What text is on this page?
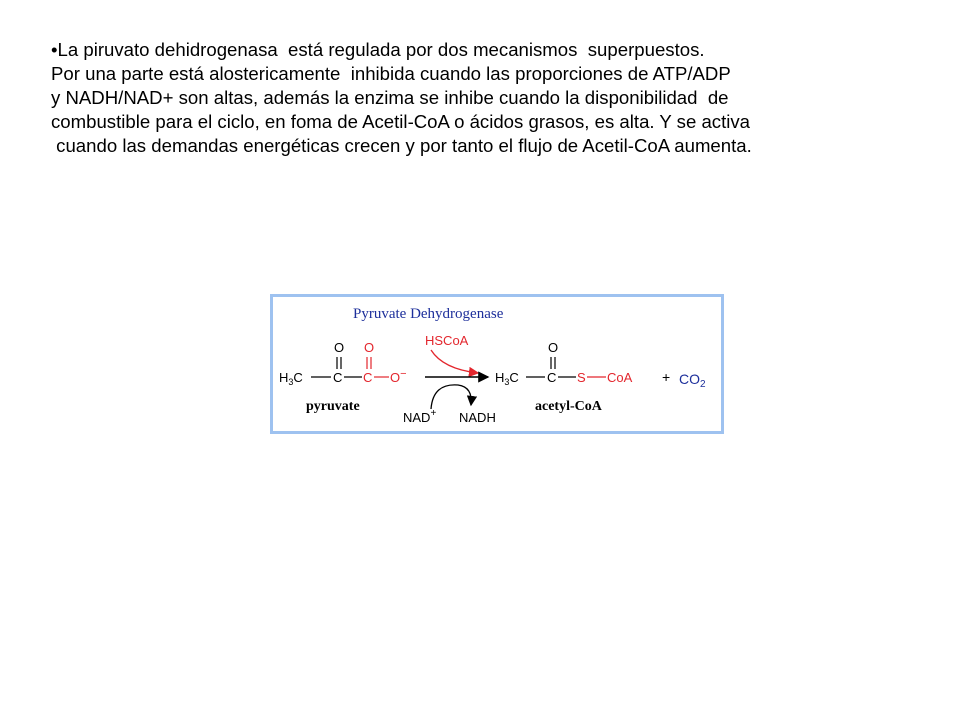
•La piruvato dehidrogenasa  está regulada por dos mecanismos  superpuestos.
Por una parte está alostericamente  inhibida cuando las proporciones de ATP/ADP
y NADH/NAD+ son altas, además la enzima se inhibe cuando la disponibilidad  de
combustible para el ciclo, en foma de Acetil-CoA o ácidos grasos, es alta. Y se activa
cuando las demandas energéticas crecen y por tanto el flujo de Acetil-CoA aumenta.
Pyruvate Dehydrogenase
O O
$H_3C$ C C O−
pyruvate
HSCoA
NAD+ NADH
O
$H_3C$ C S CoA
acetyl-CoA
+ $CO_2$
